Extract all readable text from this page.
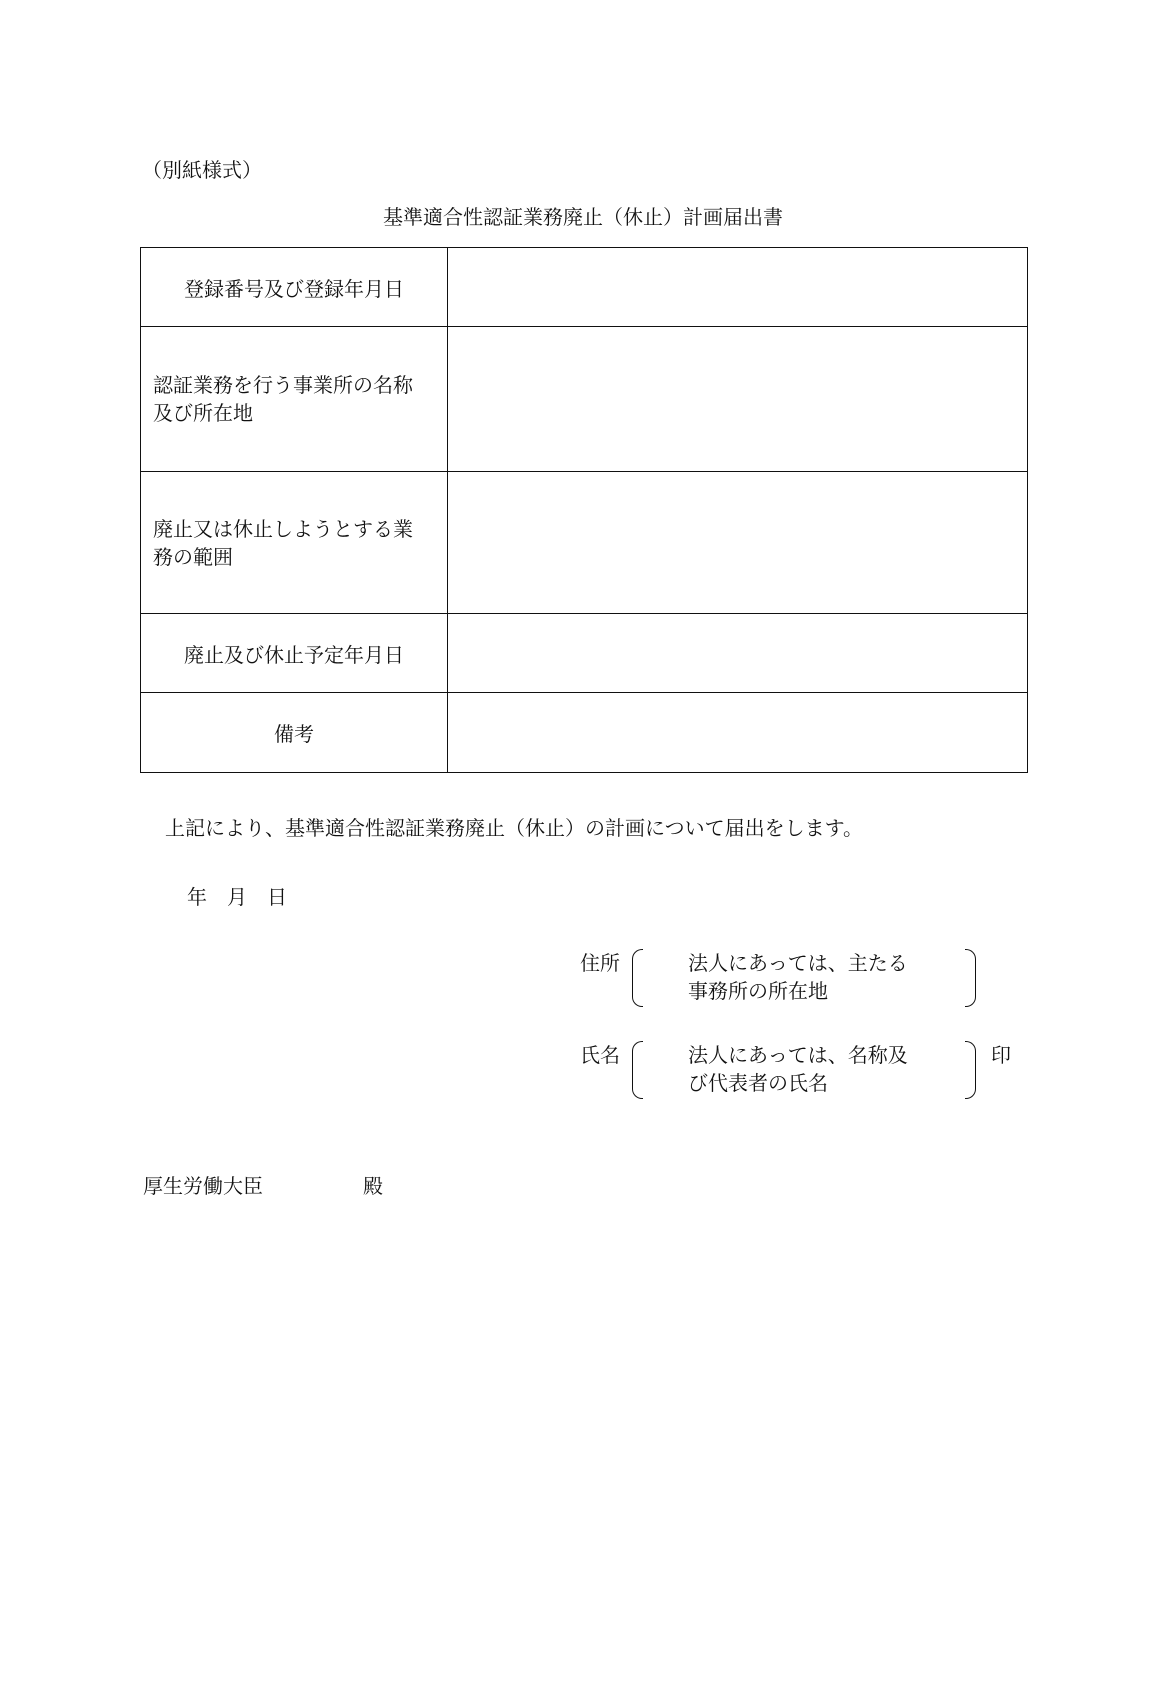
（別紙様式）
基準適合性認証業務廃止（休止）計画届出書
登録番号及び登録年月日	

認証業務を行う事業所の名称
及び所在地	

廃止又は休止しようとする業
務の範囲	

廃止及び休止予定年月日	

備考	

上記により、基準適合性認証業務廃止（休止）の計画について届出をします。
年　月　日
住所	法人にあっては、主たる
事務所の所在地
氏名	法人にあっては、名称及
び代表者の氏名
印
厚生労働大臣	殿
